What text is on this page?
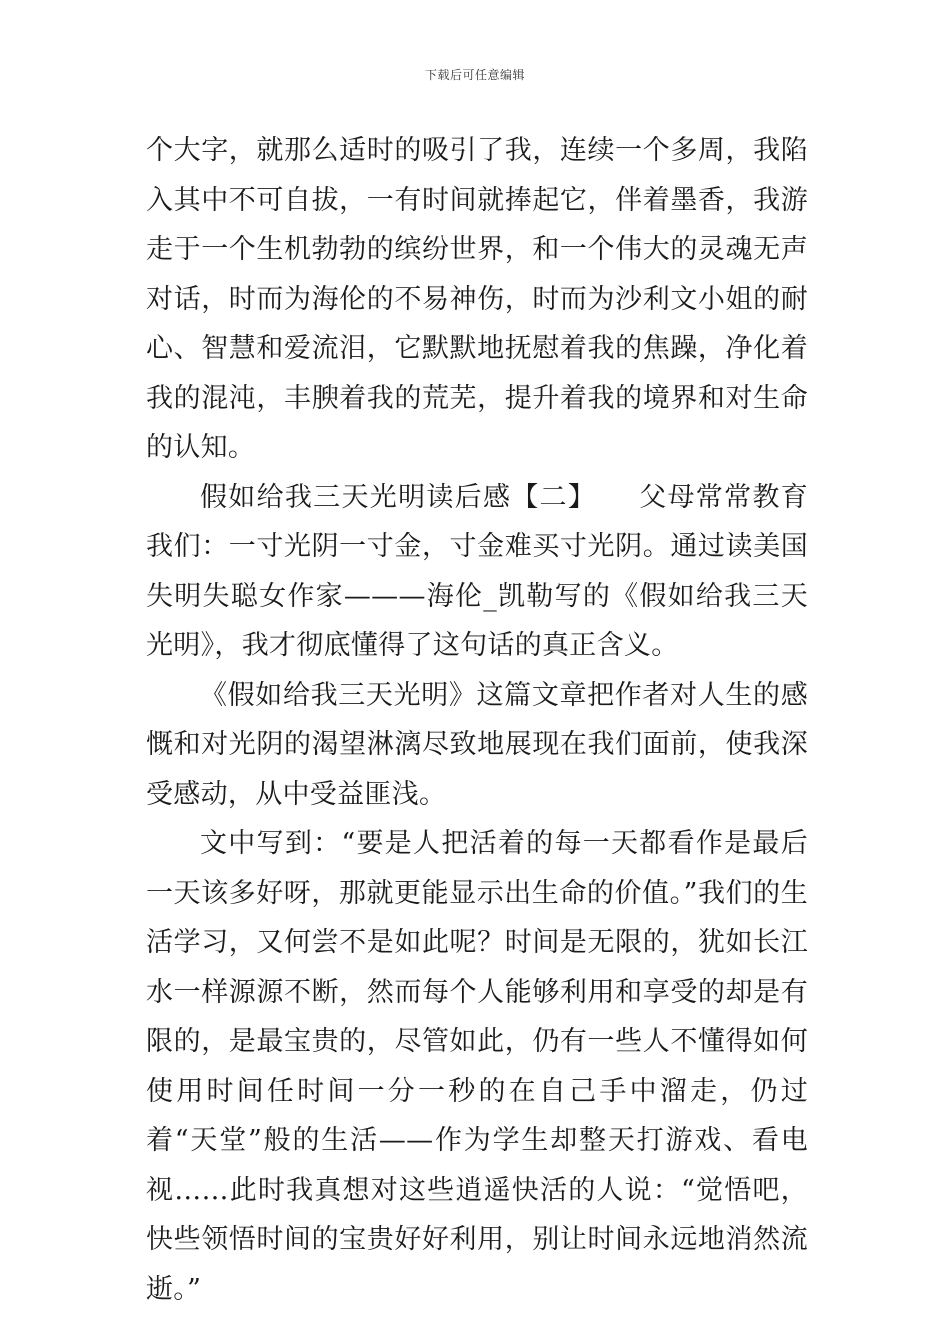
下载后可任意编辑

个大字，就那么适时的吸引了我，连续一个多周，我陷入其中不可自拔，一有时间就捧起它，伴着墨香，我游走于一个生机勃勃的缤纷世界，和一个伟大的灵魂无声对话，时而为海伦的不易神伤，时而为沙利文小姐的耐心、智慧和爱流泪，它默默地抚慰着我的焦躁，净化着我的混沌，丰腴着我的荒芜，提升着我的境界和对生命的认知。

假如给我三天光明读后感【二】　　父母常常教育我们：一寸光阴一寸金，寸金难买寸光阴。通过读美国失明失聪女作家———海伦_凯勒写的《假如给我三天光明》，我才彻底懂得了这句话的真正含义。

《假如给我三天光明》这篇文章把作者对人生的感慨和对光阴的渴望淋漓尽致地展现在我们面前，使我深受感动，从中受益匪浅。

文中写到：“要是人把活着的每一天都看作是最后一天该多好呀，那就更能显示出生命的价值。”我们的生活学习，又何尝不是如此呢？时间是无限的，犹如长江水一样源源不断，然而每个人能够利用和享受的却是有限的，是最宝贵的，尽管如此，仍有一些人不懂得如何使用时间任时间一分一秒的在自己手中溜走，仍过着“天堂”般的生活——作为学生却整天打游戏、看电视……此时我真想对这些逍遥快活的人说：“觉悟吧，快些领悟时间的宝贵好好利用，别让时间永远地消然流逝。”
